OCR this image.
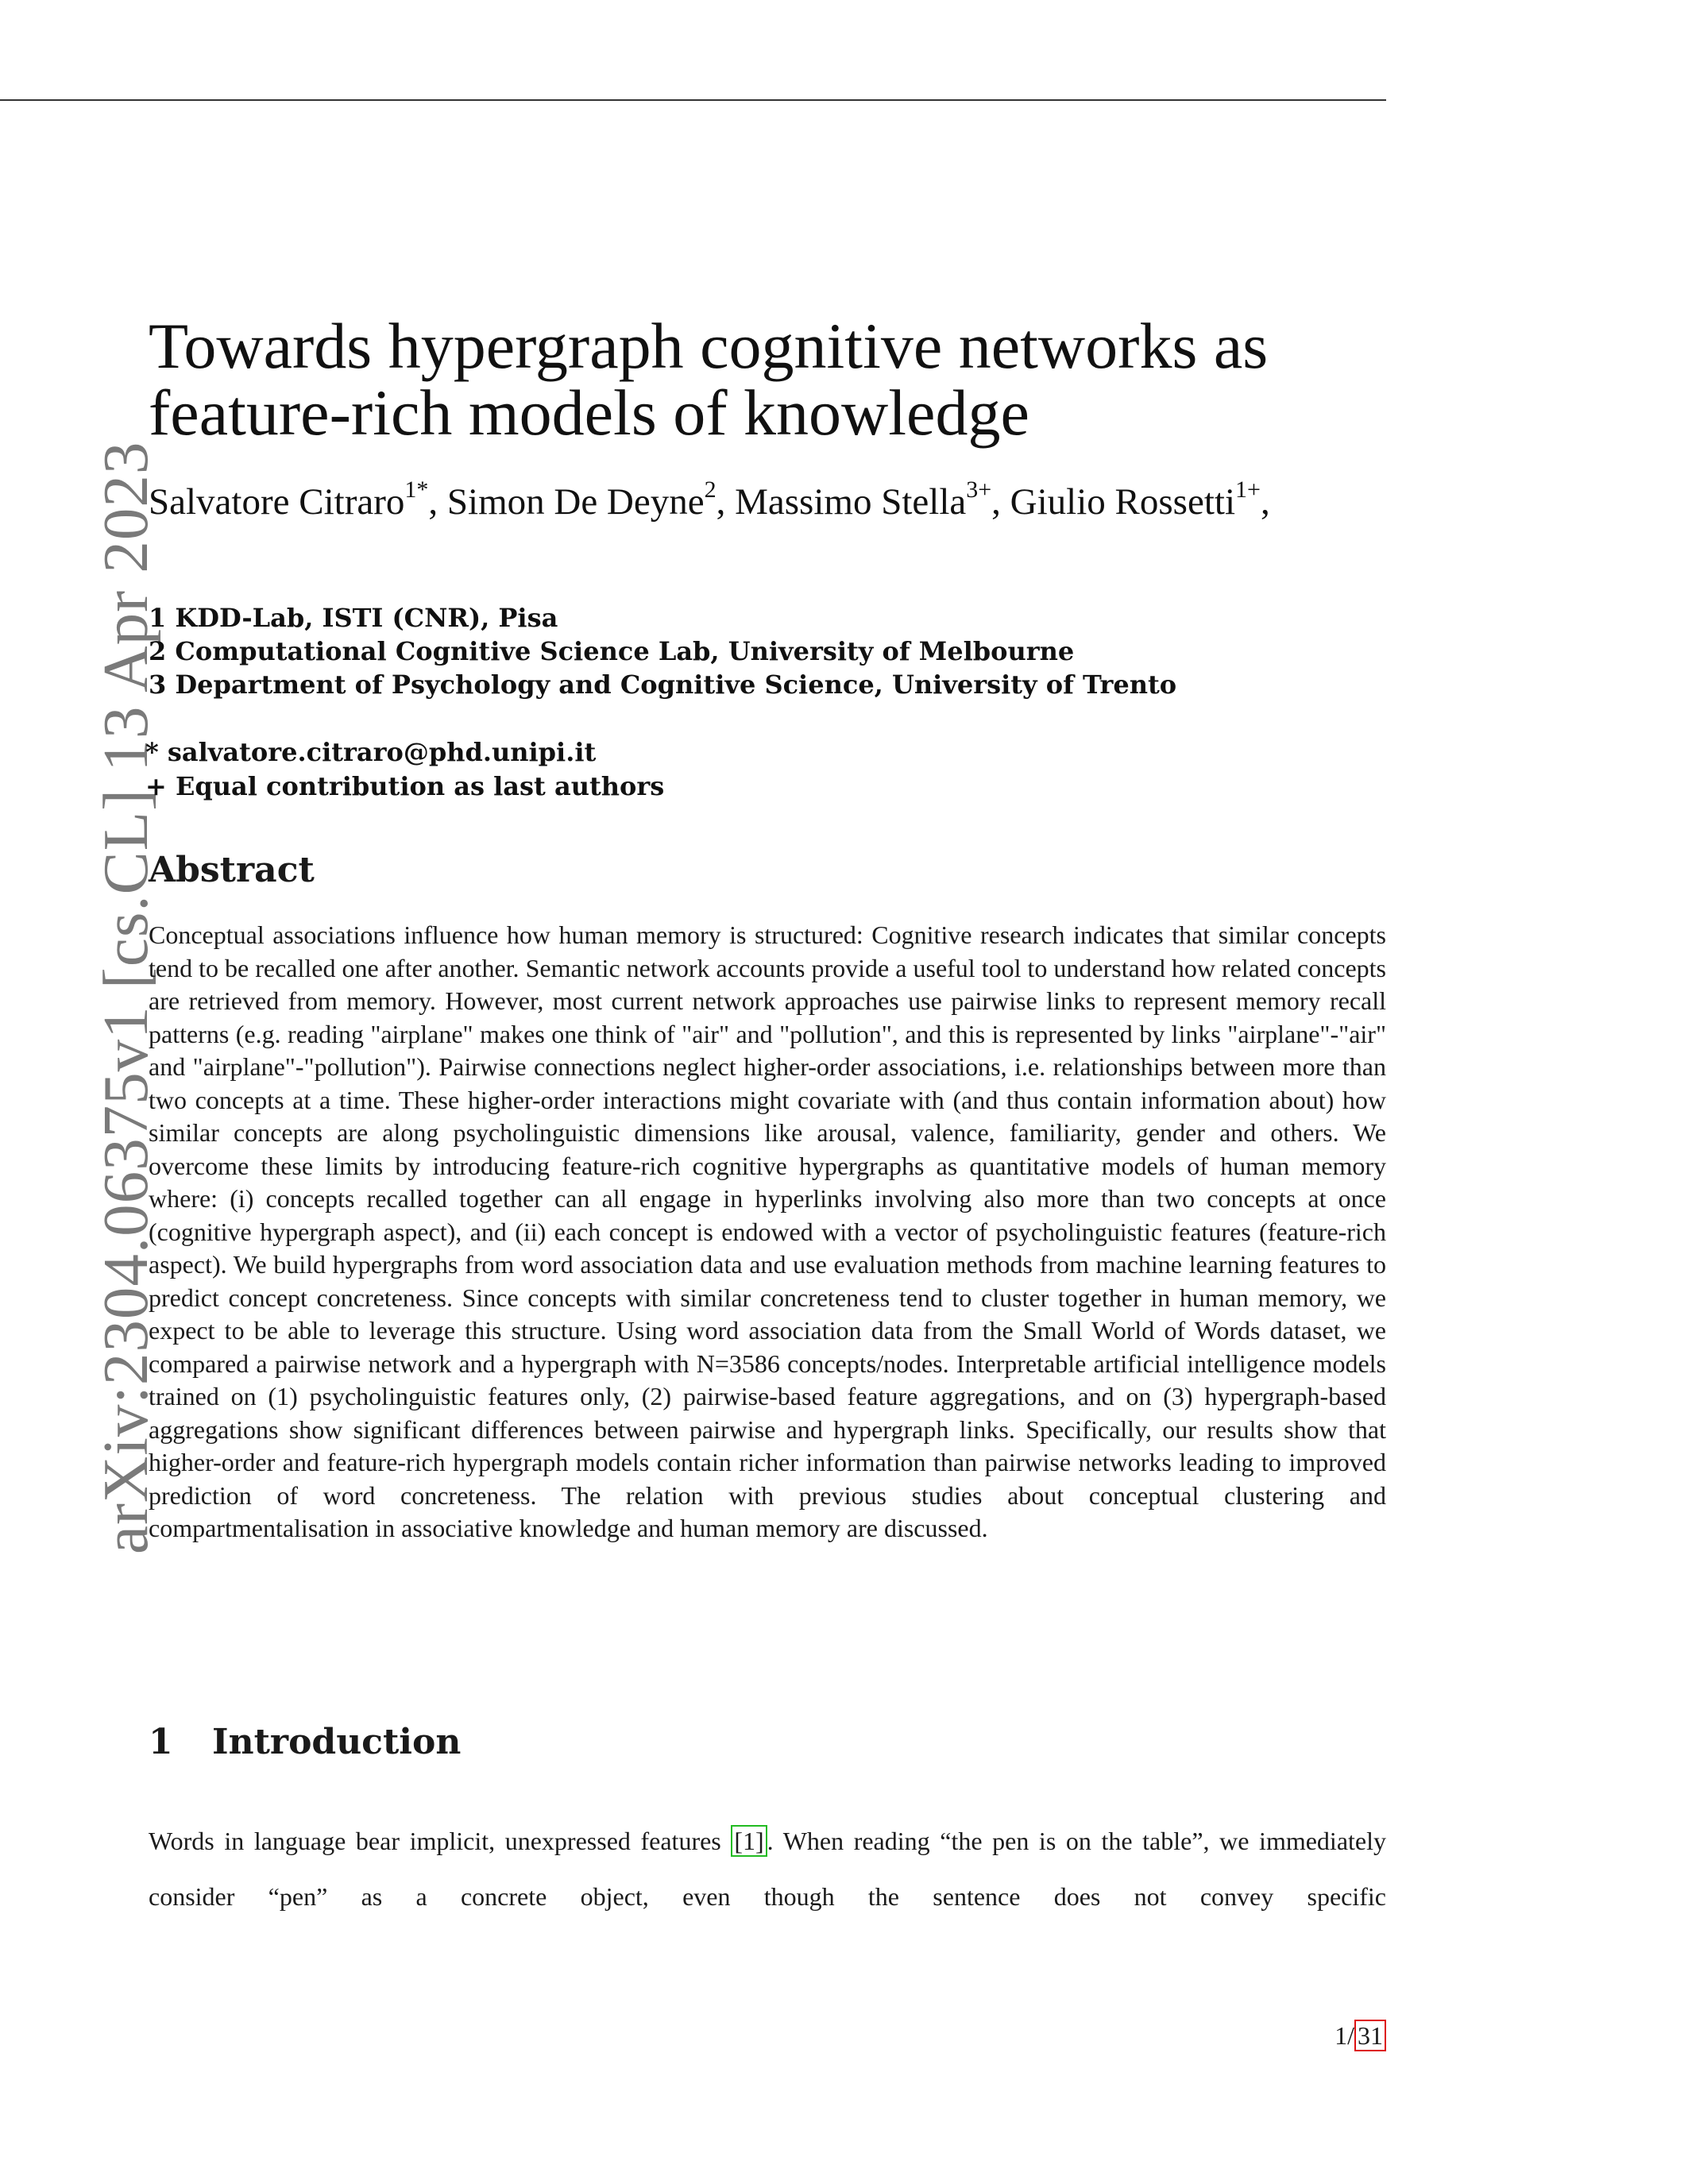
arXiv:2304.06375v1 [cs.CL] 13 Apr 2023
Towards hypergraph cognitive networks as feature-rich models of knowledge
Salvatore Citraro$^{1*}$, Simon De Deyne$^2$, Massimo Stella$^{3+}$, Giulio Rossetti$^{1+}$,
1 KDD-Lab, ISTI (CNR), Pisa
2 Computational Cognitive Science Lab, University of Melbourne
3 Department of Psychology and Cognitive Science, University of Trento
* salvatore.citraro@phd.unipi.it
+ Equal contribution as last authors
Abstract

Conceptual associations influence how human memory is structured: Cognitive research indicates that similar concepts tend to be recalled one after another. Semantic network accounts provide a useful tool to understand how related concepts are retrieved from memory. However, most current network approaches use pairwise links to represent memory recall patterns (e.g. reading "airplane" makes one think of "air" and "pollution", and this is represented by links "airplane"-"air" and "airplane"-"pollution"). Pairwise connections neglect higher-order associations, i.e. relationships between more than two concepts at a time. These higher-order interactions might covariate with (and thus contain information about) how similar concepts are along psycholinguistic dimensions like arousal, valence, familiarity, gender and others. We overcome these limits by introducing feature-rich cognitive hypergraphs as quantitative models of human memory where: (i) concepts recalled together can all engage in hyperlinks involving also more than two concepts at once (cognitive hypergraph aspect), and (ii) each concept is endowed with a vector of psycholinguistic features (feature-rich aspect). We build hypergraphs from word association data and use evaluation methods from machine learning features to predict concept concreteness. Since concepts with similar concreteness tend to cluster together in human memory, we expect to be able to leverage this structure. Using word association data from the Small World of Words dataset, we compared a pairwise network and a hypergraph with N=3586 concepts/nodes. Interpretable artificial intelligence models trained on (1) psycholinguistic features only, (2) pairwise-based feature aggregations, and on (3) hypergraph-based aggregations show significant differences between pairwise and hypergraph links. Specifically, our results show that higher-order and feature-rich hypergraph models contain richer information than pairwise networks leading to improved prediction of word concreteness. The relation with previous studies about conceptual clustering and compartmentalisation in associative knowledge and human memory are discussed.

1 Introduction

Words in language bear implicit, unexpressed features [1] . When reading “the pen is on the table”, we immediately consider “pen” as a concrete object, even though the sentence does not convey specific

1/ 31
